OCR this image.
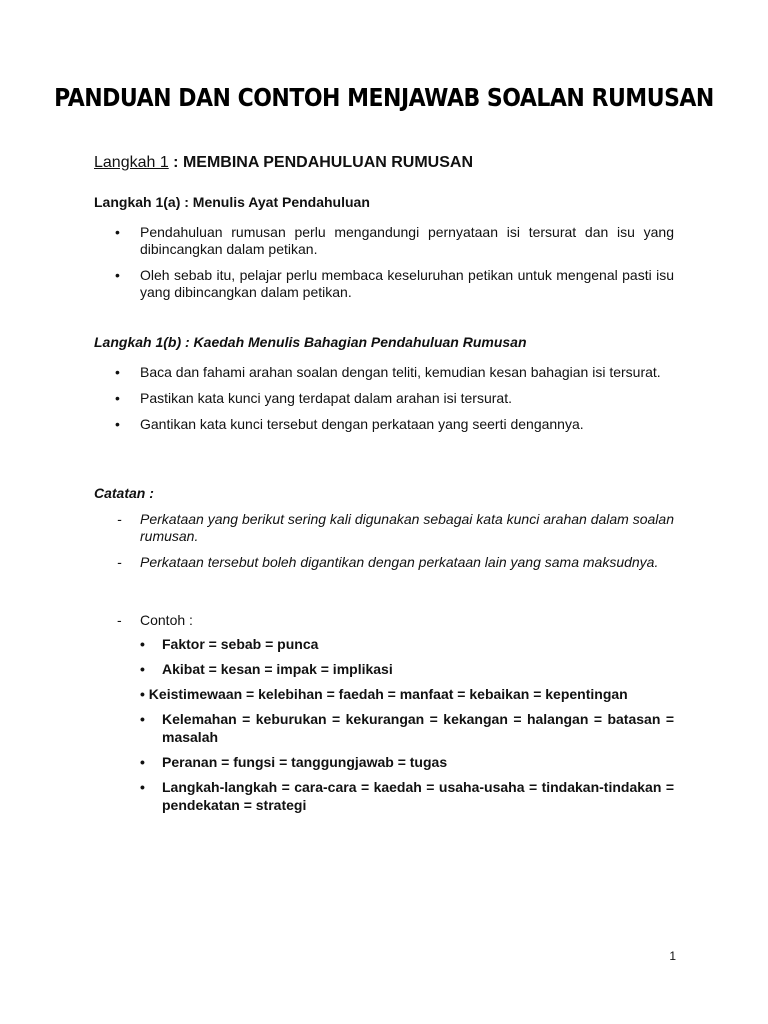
PANDUAN DAN CONTOH MENJAWAB SOALAN RUMUSAN
Langkah 1 : MEMBINA PENDAHULUAN RUMUSAN
Langkah 1(a) : Menulis Ayat Pendahuluan
• Pendahuluan rumusan perlu mengandungi pernyataan isi tersurat dan isu yang dibincangkan dalam petikan.
• Oleh sebab itu, pelajar perlu membaca keseluruhan petikan untuk mengenal pasti isu yang dibincangkan dalam petikan.
Langkah 1(b) : Kaedah Menulis Bahagian Pendahuluan Rumusan
• Baca dan fahami arahan soalan dengan teliti, kemudian kesan bahagian isi tersurat.
• Pastikan kata kunci yang terdapat dalam arahan isi tersurat.
• Gantikan kata kunci tersebut dengan perkataan yang seerti dengannya.
Catatan :
- Perkataan yang berikut sering kali digunakan sebagai kata kunci arahan dalam soalan rumusan.
- Perkataan tersebut boleh digantikan dengan perkataan lain yang sama maksudnya.
- Contoh :
• Faktor = sebab = punca
• Akibat = kesan = impak = implikasi
• Keistimewaan = kelebihan = faedah = manfaat = kebaikan = kepentingan
• Kelemahan = keburukan = kekurangan = kekangan = halangan = batasan = masalah
• Peranan = fungsi = tanggungjawab = tugas
• Langkah-langkah = cara-cara = kaedah = usaha-usaha = tindakan-tindakan = pendekatan = strategi
1
